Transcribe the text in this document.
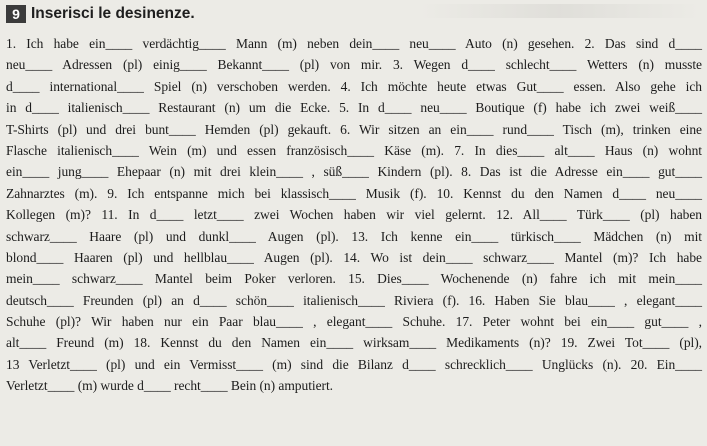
9 Inserisci le desinenze.
1. Ich habe ein____ verdächtig____ Mann (m) neben dein____ neu____ Auto (n) gesehen. 2. Das sind d____
neu____ Adressen (pl) einig____ Bekannt____ (pl) von mir. 3. Wegen d____ schlecht____ Wetters (n) musste
d____ international____ Spiel (n) verschoben werden. 4. Ich möchte heute etwas Gut____ essen. Also gehe ich
in d____ italienisch____ Restaurant (n) um die Ecke. 5. In d____ neu____ Boutique (f) habe ich zwei weiß____
T-Shirts (pl) und drei bunt____ Hemden (pl) gekauft. 6. Wir sitzen an ein____ rund____ Tisch (m), trinken eine
Flasche italienisch____ Wein (m) und essen französisch____ Käse (m). 7. In dies____ alt____ Haus (n) wohnt
ein____ jung____ Ehepaar (n) mit drei klein____ , süß____ Kindern (pl). 8. Das ist die Adresse ein____ gut____
Zahnarztes (m). 9. Ich entspanne mich bei klassisch____ Musik (f). 10. Kennst du den Namen d____ neu____
Kollegen (m)? 11. In d____ letzt____ zwei Wochen haben wir viel gelernt. 12. All____ Türk____ (pl) haben
schwarz____ Haare (pl) und dunkl____ Augen (pl). 13. Ich kenne ein____ türkisch____ Mädchen (n) mit
blond____ Haaren (pl) und hellblau____ Augen (pl). 14. Wo ist dein____ schwarz____ Mantel (m)? Ich habe
mein____ schwarz____ Mantel beim Poker verloren. 15. Dies____ Wochenende (n) fahre ich mit mein____
deutsch____ Freunden (pl) an d____ schön____ italienisch____ Riviera (f). 16. Haben Sie blau____ , elegant____
Schuhe (pl)? Wir haben nur ein Paar blau____ , elegant____ Schuhe. 17. Peter wohnt bei ein____ gut____ ,
alt____ Freund (m) 18. Kennst du den Namen ein____ wirksam____ Medikaments (n)? 19. Zwei Tot____ (pl),
13 Verletzt____ (pl) und ein Vermisst____ (m) sind die Bilanz d____ schrecklich____ Unglücks (n). 20. Ein____
Verletzt____ (m) wurde d____ recht____ Bein (n) amputiert.
